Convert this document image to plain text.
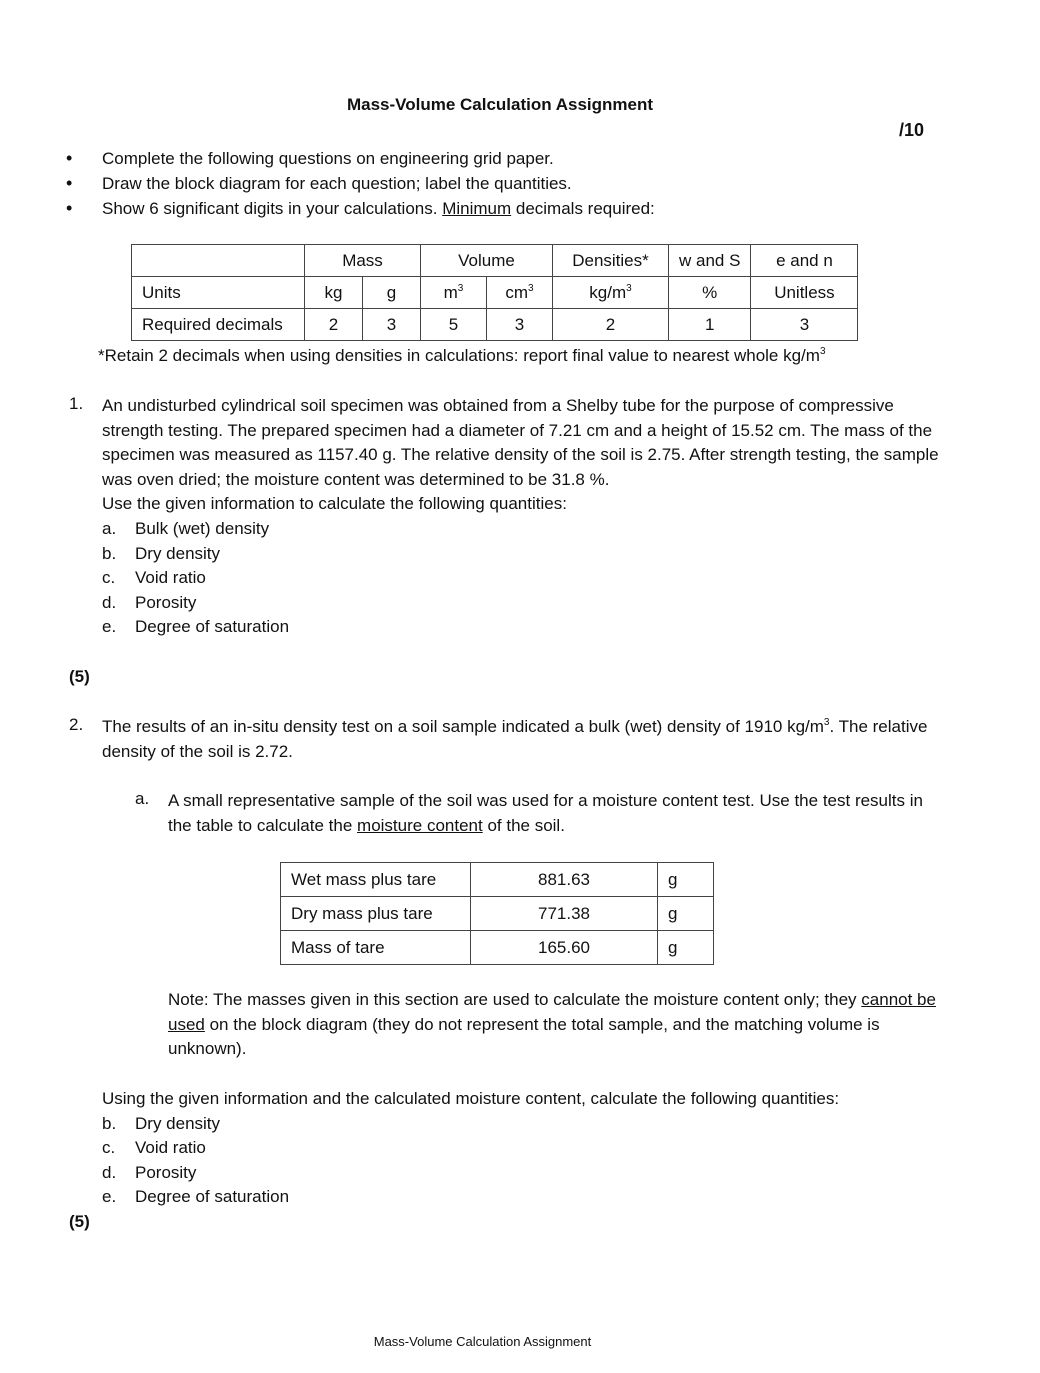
Mass-Volume Calculation Assignment
/10
• Complete the following questions on engineering grid paper.
• Draw the block diagram for each question; label the quantities.
• Show 6 significant digits in your calculations. Minimum decimals required:
	Mass		Volume		Densities*	w and S	e and n
Units	kg	g	$m^3$	$cm^3$	$kg/m^3$	%	Unitless
Required decimals	2	3	5	3	2	1	3
*Retain 2 decimals when using densities in calculations: report final value to nearest whole $kg/m^3$
1. An undisturbed cylindrical soil specimen was obtained from a Shelby tube for the purpose of compressive strength testing. The prepared specimen had a diameter of 7.21 cm and a height of 15.52 cm. The mass of the specimen was measured as 1157.40 g. The relative density of the soil is 2.75. After strength testing, the sample was oven dried; the moisture content was determined to be 31.8 %.
Use the given information to calculate the following quantities:
a. Bulk (wet) density
b. Dry density
c. Void ratio
d. Porosity
e. Degree of saturation
(5)
2. The results of an in-situ density test on a soil sample indicated a bulk (wet) density of 1910 $kg/m^3$. The relative density of the soil is 2.72.
a. A small representative sample of the soil was used for a moisture content test. Use the test results in the table to calculate the moisture content of the soil.
Wet mass plus tare	881.63	g
Dry mass plus tare	771.38	g
Mass of tare	165.60	g
Note: The masses given in this section are used to calculate the moisture content only; they cannot be used on the block diagram (they do not represent the total sample, and the matching volume is unknown).
Using the given information and the calculated moisture content, calculate the following quantities:
b. Dry density
c. Void ratio
d. Porosity
e. Degree of saturation
(5)
Mass-Volume Calculation Assignment
